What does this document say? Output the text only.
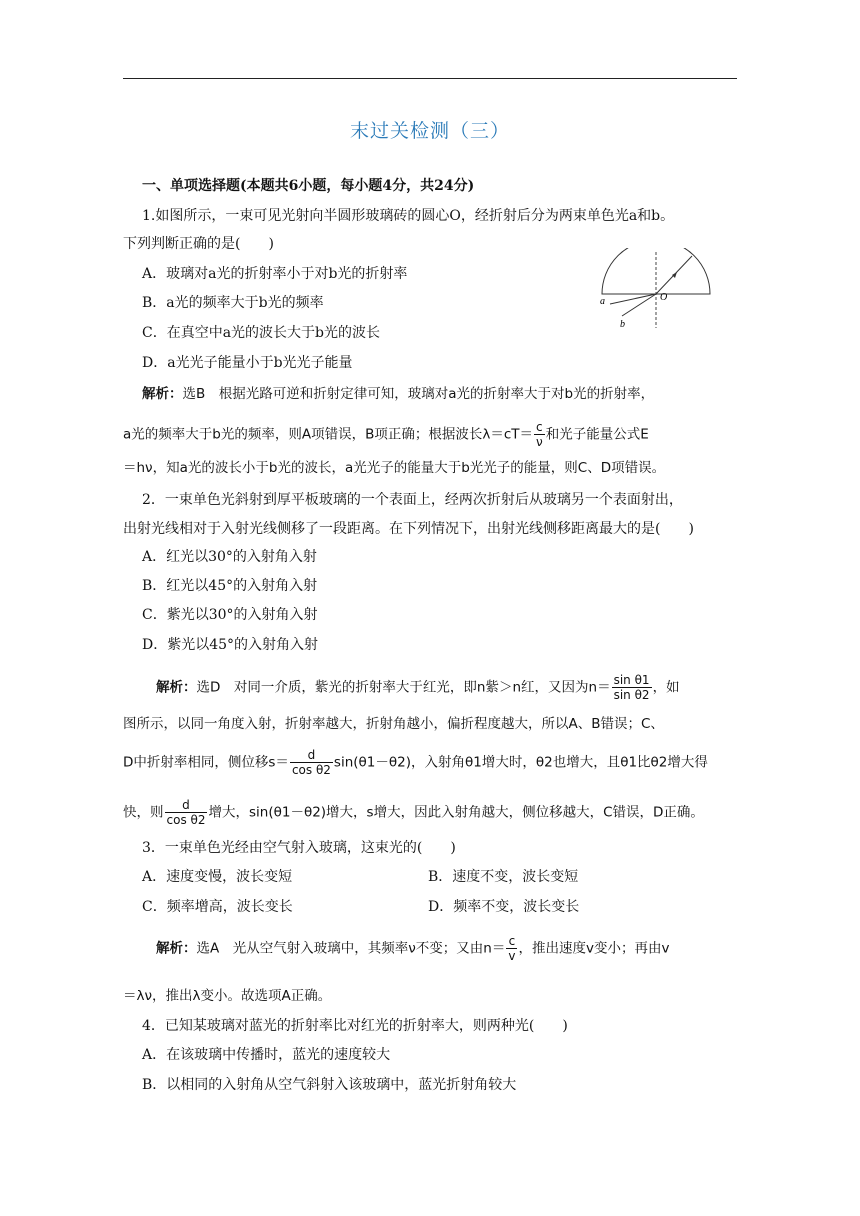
末过关检测（三）
一、单项选择题(本题共6小题，每小题4分，共24分)
1.如图所示，一束可见光射向半圆形玻璃砖的圆心O，经折射后分为两束单色光a和b。
下列判断正确的是(　　)
A．玻璃对a光的折射率小于对b光的折射率
B．a光的频率大于b光的频率
C．在真空中a光的波长大于b光的波长
D．a光光子能量小于b光光子能量
O
a
b
解析：选B　根据光路可逆和折射定律可知，玻璃对a光的折射率大于对b光的折射率，
a光的频率大于b光的频率，则A项错误，B项正确；根据波长$\lambda=cT= \frac{c}{\nu}$ 和光子能量公式E
＝hν，知a光的波长小于b光的波长，a光光子的能量大于b光光子的能量，则C、D项错误。
2．一束单色光斜射到厚平板玻璃的一个表面上，经两次折射后从玻璃另一个表面射出，
出射光线相对于入射光线侧移了一段距离。在下列情况下，出射光线侧移距离最大的是(　　)
A．红光以30°的入射角入射
B．红光以45°的入射角入射
C．紫光以30°的入射角入射
D．紫光以45°的入射角入射
解析：选D　对同一介质，紫光的折射率大于红光，即n紫＞n红，又因为$n= \frac{\text{sin θ1}}{\text{sin θ2}}$ ，如
图所示，以同一角度入射，折射率越大，折射角越小，偏折程度越大，所以A、B错误；C、
D中折射率相同，侧位移$s= \frac{d}{\text{cos θ2}} \sin(\theta 1-\theta 2)$，入射角θ1增大时，θ2也增大，且θ1比θ2增大得
快，则 $\frac{d}{\text{cos θ2}}$ 增大，sin(θ1－θ2)增大，s增大，因此入射角越大，侧位移越大，C错误，D正确。
3．一束单色光经由空气射入玻璃，这束光的(　　)
A．速度变慢，波长变短	B．速度不变，波长变短
C．频率增高，波长变长	D．频率不变，波长变长
解析：选A　光从空气射入玻璃中，其频率ν不变；又由$n= \frac{c}{v}$ ，推出速度v变小；再由v
＝λν，推出λ变小。故选项A正确。
4．已知某玻璃对蓝光的折射率比对红光的折射率大，则两种光(　　)
A．在该玻璃中传播时，蓝光的速度较大
B．以相同的入射角从空气斜射入该玻璃中，蓝光折射角较大
